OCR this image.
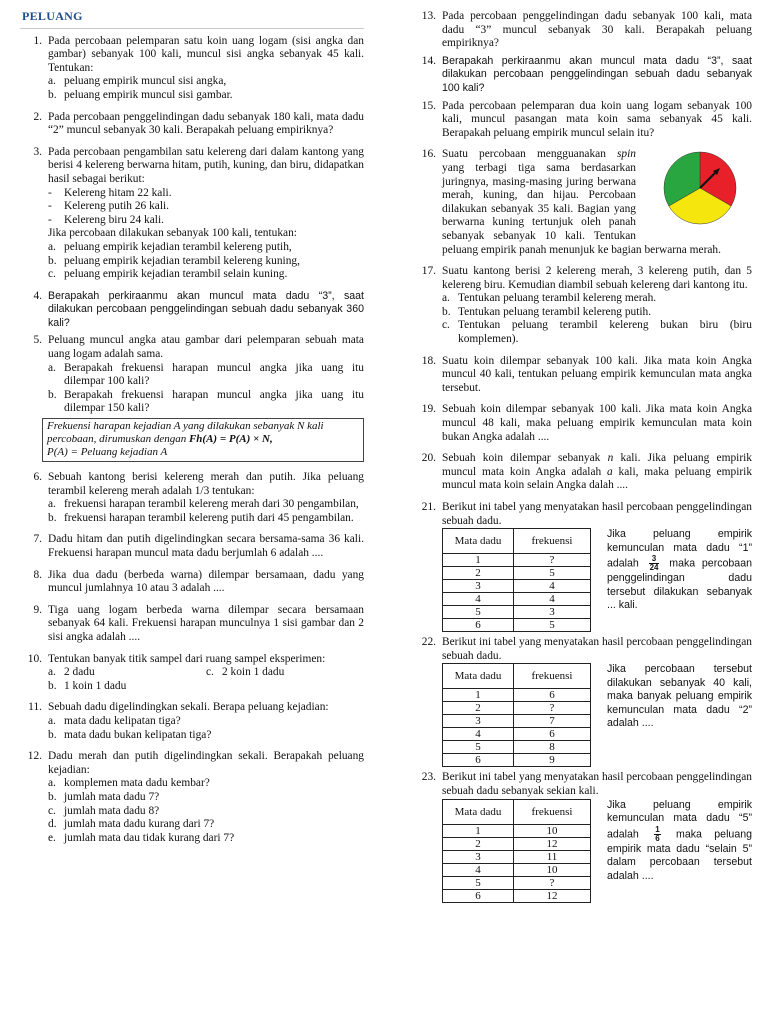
PELUANG
1. Pada percobaan pelemparan satu koin uang logam (sisi angka dan gambar) sebanyak 100 kali, muncul sisi angka sebanyak 45 kali. Tentukan:
a. peluang empirik muncul sisi angka,
b. peluang empirik muncul sisi gambar.
2. Pada percobaan penggelindingan dadu sebanyak 180 kali, mata dadu “2” muncul sebanyak 30 kali. Berapakah peluang empiriknya?
3. Pada percobaan pengambilan satu kelereng dari dalam kantong yang berisi 4 kelereng berwarna hitam, putih, kuning, dan biru, didapatkan hasil sebagai berikut:
-	Kelereng hitam 22 kali.
-	Kelereng putih 26 kali.
-	Kelereng biru 24 kali.
Jika percobaan dilakukan sebanyak 100 kali, tentukan:
a. peluang empirik kejadian terambil kelereng putih,
b. peluang empirik kejadian terambil kelereng kuning,
c. peluang empirik kejadian terambil selain kuning.
4. Berapakah perkiraanmu akan muncul mata dadu “3”, saat dilakukan percobaan penggelindingan sebuah dadu sebanyak 360 kali?
5. Peluang muncul angka atau gambar dari pelemparan sebuah mata uang logam adalah sama.
a. Berapakah frekuensi harapan muncul angka jika uang itu dilempar 100 kali?
b. Berapakah frekuensi harapan muncul angka jika uang itu dilempar 150 kali?
Frekuensi harapan kejadian A yang dilakukan sebanyak N kali percobaan, dirumuskan dengan Fh(A) = P(A) × N,
P(A) = Peluang kejadian A
6. Sebuah kantong berisi kelereng merah dan putih. Jika peluang terambil kelereng merah adalah 1/3 tentukan:
a. frekuensi harapan terambil kelereng merah dari 30 pengambilan,
b. frekuensi harapan terambil kelereng putih dari 45 pengambilan.
7. Dadu hitam dan putih digelindingkan secara bersama-sama 36 kali. Frekuensi harapan muncul mata dadu berjumlah 6 adalah ....
8. Jika dua dadu (berbeda warna) dilempar bersamaan, dadu yang muncul jumlahnya 10 atau 3 adalah ....
9. Tiga uang logam berbeda warna dilempar secara bersamaan sebanyak 64 kali. Frekuensi harapan munculnya 1 sisi gambar dan 2 sisi angka adalah ....
10. Tentukan banyak titik sampel dari ruang sampel eksperimen:
a. 2 dadu	c. 2 koin 1 dadu
b. 1 koin 1 dadu
11. Sebuah dadu digelindingkan sekali. Berapa peluang kejadian:
a. mata dadu kelipatan tiga?
b. mata dadu bukan kelipatan tiga?
12. Dadu merah dan putih digelindingkan sekali. Berapakah peluang kejadian:
a. komplemen mata dadu kembar?
b. jumlah mata dadu 7?
c. jumlah mata dadu 8?
d. jumlah mata dadu kurang dari 7?
e. jumlah mata dau tidak kurang dari 7?
13. Pada percobaan penggelindingan dadu sebanyak 100 kali, mata dadu “3” muncul sebanyak 30 kali. Berapakah peluang empiriknya?
14. Berapakah perkiraanmu akan muncul mata dadu “3”, saat dilakukan percobaan penggelindingan sebuah dadu sebanyak 100 kali?
15. Pada percobaan pelemparan dua koin uang logam sebanyak 100 kali, muncul pasangan mata koin sama sebanyak 45 kali. Berapakah peluang empirik muncul selain itu?
16. Suatu percobaan mengguanakan spin yang terbagi tiga sama berdasarkan juringnya, masing-masing juring berwana merah, kuning, dan hijau. Percobaan dilakukan sebanyak 35 kali. Bagian yang berwarna kuning tertunjuk oleh panah sebanyak sebanyak 10 kali. Tentukan peluang empirik panah menunjuk ke bagian berwarna merah.
17. Suatu kantong berisi 2 kelereng merah, 3 kelereng putih, dan 5 kelereng biru. Kemudian diambil sebuah kelereng dari kantong itu.
a. Tentukan peluang terambil kelereng merah.
b. Tentukan peluang terambil kelereng putih.
c. Tentukan peluang terambil kelereng bukan biru (biru komplemen).
18. Suatu koin dilempar sebanyak 100 kali. Jika mata koin Angka muncul 40 kali, tentukan peluang empirik kemunculan mata angka tersebut.
19. Sebuah koin dilempar sebanyak 100 kali. Jika mata koin Angka muncul 48 kali, maka peluang empirik kemunculan mata koin bukan Angka adalah ....
20. Sebuah koin dilempar sebanyak n kali. Jika peluang empirik muncul mata koin Angka adalah a kali, maka peluang empirik muncul mata koin selain Angka dalah ....
21. Berikut ini tabel yang menyatakan hasil percobaan penggelindingan sebuah dadu.
Mata dadu	frekuensi
1	?
2	5
3	4
4	4
5	3
6	5
Jika peluang empirik kemunculan mata dadu “1” adalah $\frac{3}{24}$ maka percobaan penggelindingan dadu tersebut dilakukan sebanyak ... kali.
22. Berikut ini tabel yang menyatakan hasil percobaan penggelindingan sebuah dadu.
Mata dadu	frekuensi
1	6
2	?
3	7
4	6
5	8
6	9
Jika percobaan tersebut dilakukan sebanyak 40 kali, maka banyak peluang empirik kemunculan mata dadu “2” adalah ....
23. Berikut ini tabel yang menyatakan hasil percobaan penggelindingan sebuah dadu sebanyak sekian kali.
Mata dadu	frekuensi
1	10
2	12
3	11
4	10
5	?
6	12
Jika peluang empirik kemunculan mata dadu “5” adalah $\frac{1}{6}$ maka peluang empirik mata dadu “selain 5” dalam percobaan tersebut adalah ....
